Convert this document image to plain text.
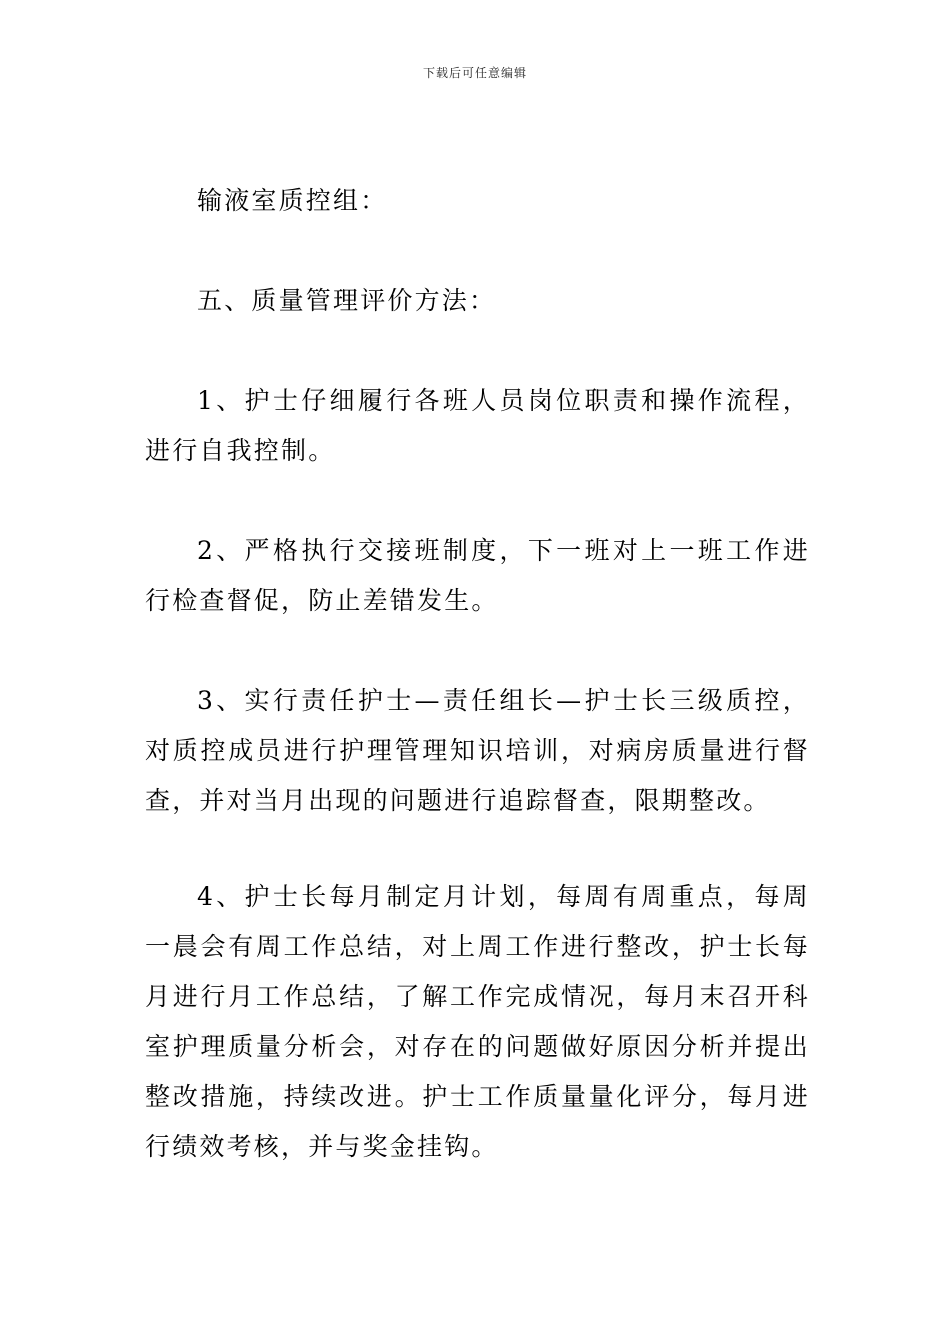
下载后可任意编辑

输液室质控组：

五、质量管理评价方法：

1、护士仔细履行各班人员岗位职责和操作流程，进行自我控制。

2、严格执行交接班制度，下一班对上一班工作进行检查督促，防止差错发生。

3、实行责任护士—责任组长—护士长三级质控，对质控成员进行护理管理知识培训，对病房质量进行督查，并对当月出现的问题进行追踪督查，限期整改。

4、护士长每月制定月计划，每周有周重点，每周一晨会有周工作总结，对上周工作进行整改，护士长每月进行月工作总结，了解工作完成情况，每月末召开科室护理质量分析会，对存在的问题做好原因分析并提出整改措施，持续改进。护士工作质量量化评分，每月进行绩效考核，并与奖金挂钩。
